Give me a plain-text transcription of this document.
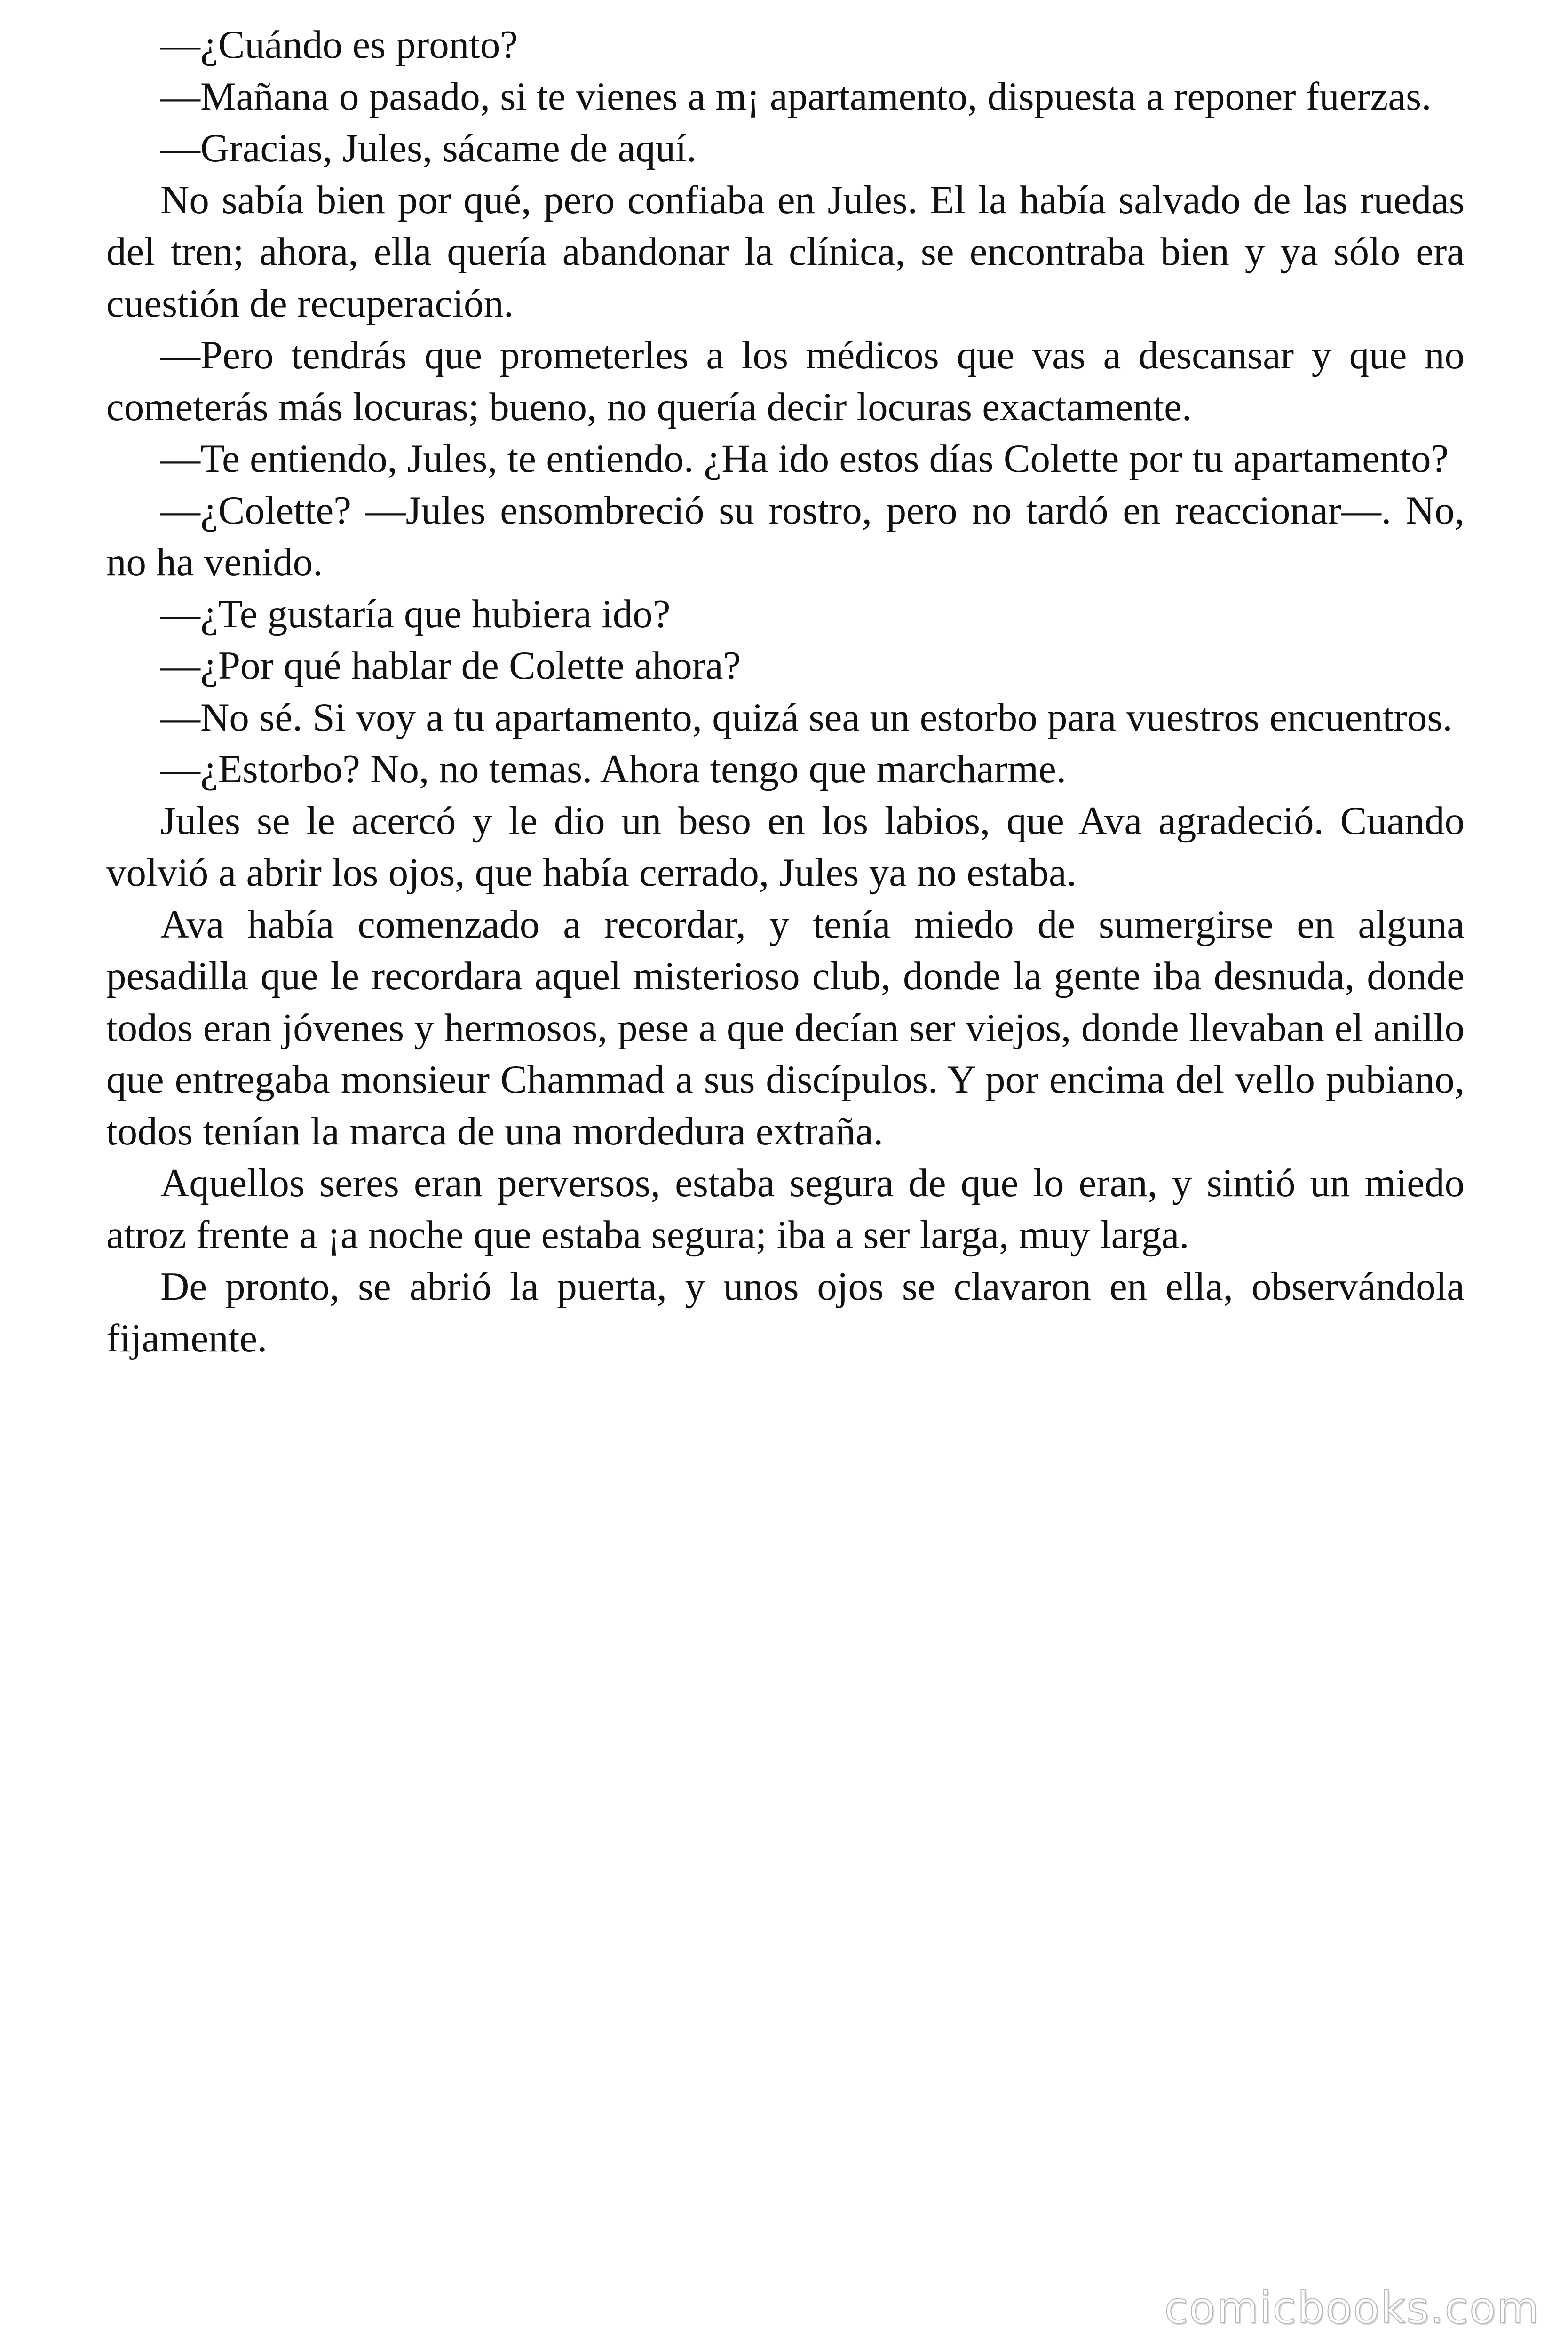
—¿Cuándo es pronto?

—Mañana o pasado, si te vienes a m¡ apartamento, dispuesta a reponer fuerzas.

—Gracias, Jules, sácame de aquí.

No sabía bien por qué, pero confiaba en Jules. El la había salvado de las ruedas del tren; ahora, ella quería abandonar la clínica, se encontraba bien y ya sólo era cuestión de recuperación.

—Pero tendrás que prometerles a los médicos que vas a descansar y que no cometerás más locuras; bueno, no quería decir locuras exactamente.

—Te entiendo, Jules, te entiendo. ¿Ha ido estos días Colette por tu apartamento?

—¿Colette? —Jules ensombreció su rostro, pero no tardó en reaccionar—. No, no ha venido.

—¿Te gustaría que hubiera ido?

—¿Por qué hablar de Colette ahora?

—No sé. Si voy a tu apartamento, quizá sea un estorbo para vuestros encuentros.

—¿Estorbo? No, no temas. Ahora tengo que marcharme.

Jules se le acercó y le dio un beso en los labios, que Ava agradeció. Cuando volvió a abrir los ojos, que había cerrado, Jules ya no estaba.

Ava había comenzado a recordar, y tenía miedo de sumergirse en alguna pesadilla que le recordara aquel misterioso club, donde la gente iba desnuda, donde todos eran jóvenes y hermosos, pese a que decían ser viejos, donde llevaban el anillo que entregaba monsieur Chammad a sus discípulos. Y por encima del vello pubiano, todos tenían la marca de una mordedura extraña.

Aquellos seres eran perversos, estaba segura de que lo eran, y sintió un miedo atroz frente a ¡a noche que estaba segura; iba a ser larga, muy larga.

De pronto, se abrió la puerta, y unos ojos se clavaron en ella, observándola fijamente.

comicbooks.com
